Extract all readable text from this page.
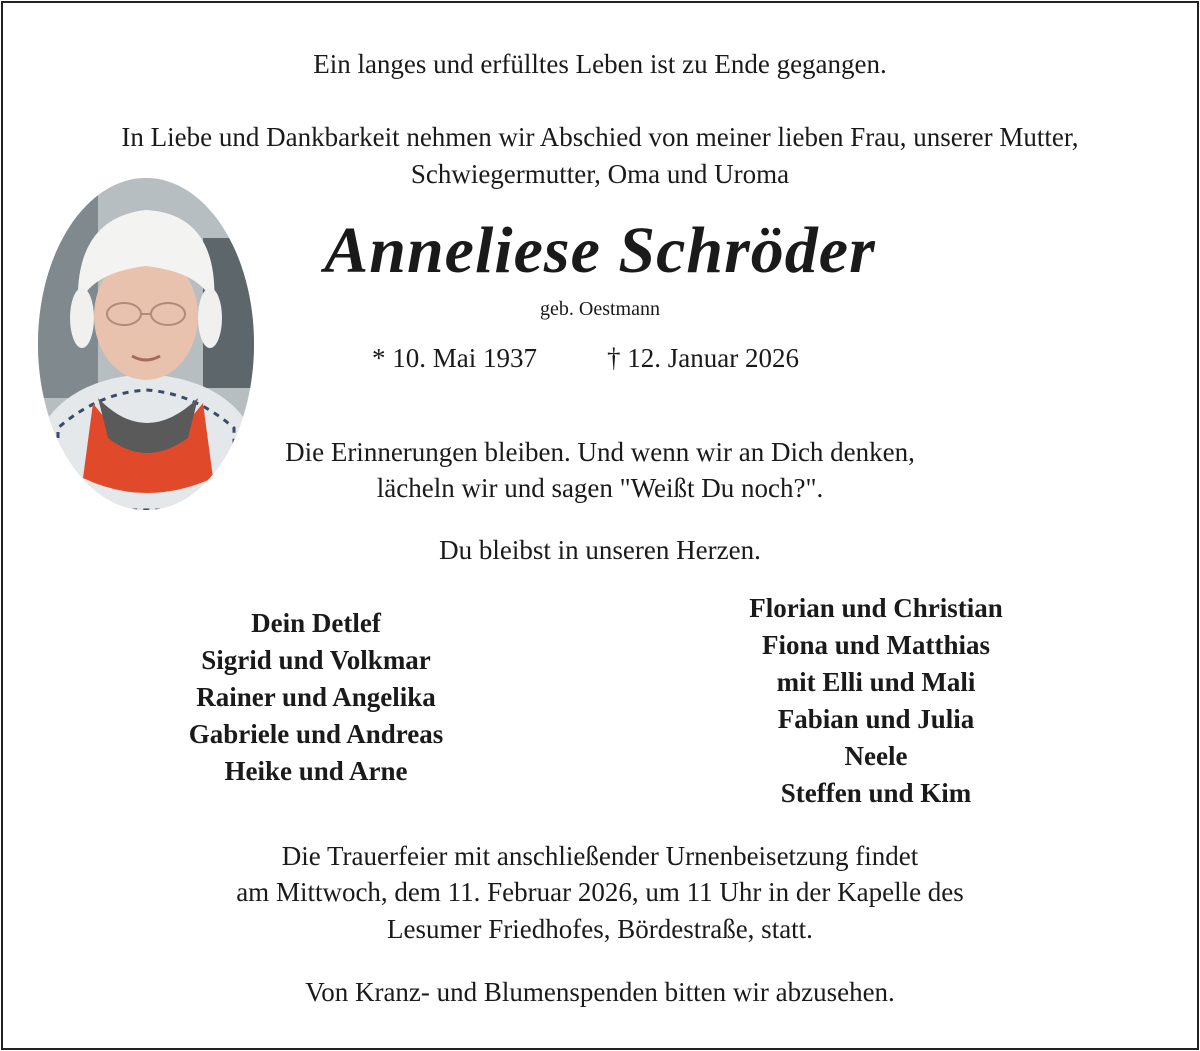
Ein langes und erfülltes Leben ist zu Ende gegangen.
In Liebe und Dankbarkeit nehmen wir Abschied von meiner lieben Frau, unserer Mutter,
Schwiegermutter, Oma und Uroma
Anneliese Schröder
geb. Oestmann
* 10. Mai 1937	† 12. Januar 2026
Die Erinnerungen bleiben. Und wenn wir an Dich denken,
lächeln wir und sagen "Weißt Du noch?".
Du bleibst in unseren Herzen.
Dein Detlef
Sigrid und Volkmar
Rainer und Angelika
Gabriele und Andreas
Heike und Arne
Florian und Christian
Fiona und Matthias
mit Elli und Mali
Fabian und Julia
Neele
Steffen und Kim
Die Trauerfeier mit anschließender Urnenbeisetzung findet
am Mittwoch, dem 11. Februar 2026, um 11 Uhr in der Kapelle des
Lesumer Friedhofes, Bördestraße, statt.
Von Kranz- und Blumenspenden bitten wir abzusehen.
